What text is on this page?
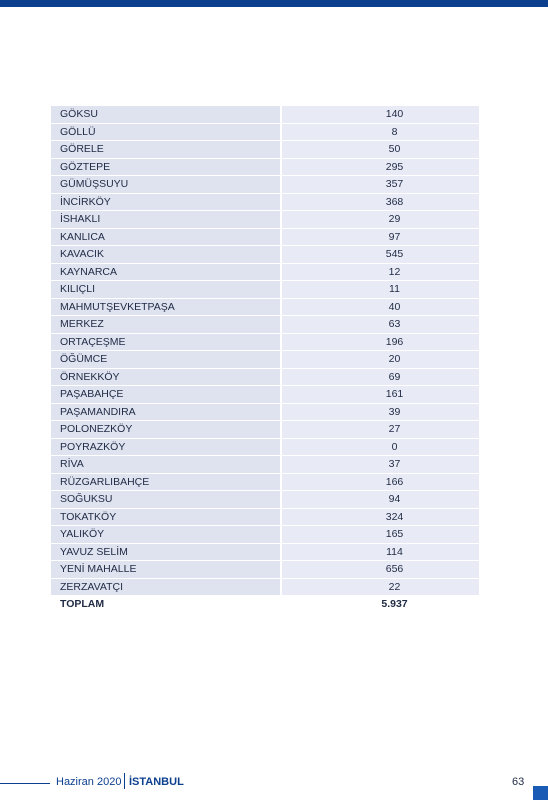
GÖKSU	140
GÖLLÜ	8
GÖRELE	50
GÖZTEPE	295
GÜMÜŞSUYU	357
İNCİRKÖY	368
İSHAKLI	29
KANLICA	97
KAVACIK	545
KAYNARCA	12
KILIÇLI	11
MAHMUTŞEVKETPAŞA	40
MERKEZ	63
ORTAÇEŞME	196
ÖĞÜMCE	20
ÖRNEKKÖY	69
PAŞABAHÇE	161
PAŞAMANDIRA	39
POLONEZKÖY	27
POYRAZKÖY	0
RİVA	37
RÜZGARLIBAHÇE	166
SOĞUKSU	94
TOKATKÖY	324
YALIKÖY	165
YAVUZ SELİM	114
YENİ MAHALLE	656
ZERZAVATÇI	22
TOPLAM	5.937
Haziran 2020 İSTANBUL	63
